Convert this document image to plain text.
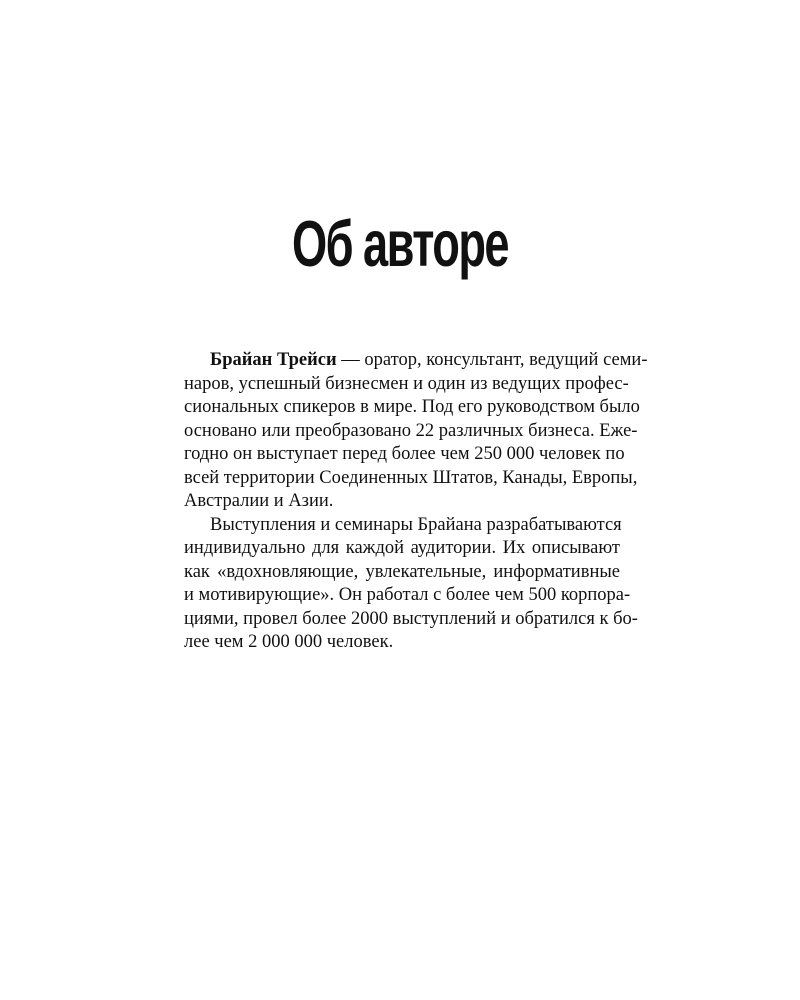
Об авторе
Брайан Трейси — оратор, консультант, ведущий семи-
наров, успешный бизнесмен и один из ведущих профес-
сиональных спикеров в мире. Под его руководством было
основано или преобразовано 22 различных бизнеса. Еже-
годно он выступает перед более чем 250 000 человек по
всей территории Соединенных Штатов, Канады, Европы,
Австралии и Азии.
Выступления и семинары Брайана разрабатываются
индивидуально для каждой аудитории. Их описывают
как «вдохновляющие, увлекательные, информативные
и мотивирующие». Он работал с более чем 500 корпора-
циями, провел более 2000 выступлений и обратился к бо-
лее чем 2 000 000 человек.
